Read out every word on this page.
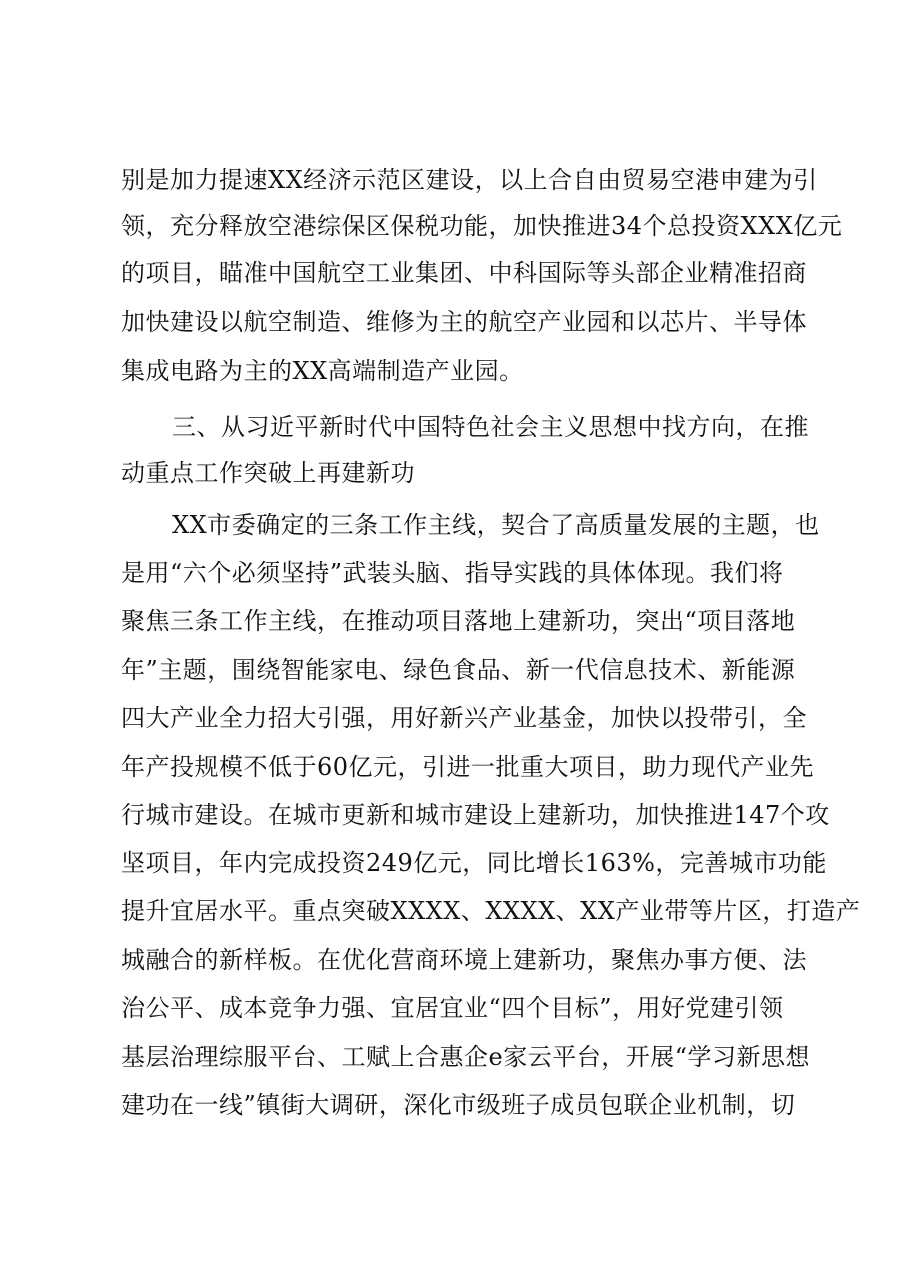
别是加力提速XX经济示范区建设，以上合自由贸易空港申建为引
领，充分释放空港综保区保税功能，加快推进34个总投资XXX亿元
的项目，瞄准中国航空工业集团、中科国际等头部企业精准招商
加快建设以航空制造、维修为主的航空产业园和以芯片、半导体
集成电路为主的XX高端制造产业园。
三、从习近平新时代中国特色社会主义思想中找方向，在推
动重点工作突破上再建新功
XX市委确定的三条工作主线，契合了高质量发展的主题，也
是用“六个必须坚持”武装头脑、指导实践的具体体现。我们将
聚焦三条工作主线，在推动项目落地上建新功，突出“项目落地
年”主题，围绕智能家电、绿色食品、新一代信息技术、新能源
四大产业全力招大引强，用好新兴产业基金，加快以投带引，全
年产投规模不低于60亿元，引进一批重大项目，助力现代产业先
行城市建设。在城市更新和城市建设上建新功，加快推进147个攻
坚项目，年内完成投资249亿元，同比增长163%，完善城市功能
提升宜居水平。重点突破XXXX、XXXX、XX产业带等片区，打造产
城融合的新样板。在优化营商环境上建新功，聚焦办事方便、法
治公平、成本竞争力强、宜居宜业“四个目标”，用好党建引领
基层治理综服平台、工赋上合惠企e家云平台，开展“学习新思想
建功在一线”镇街大调研，深化市级班子成员包联企业机制，切
